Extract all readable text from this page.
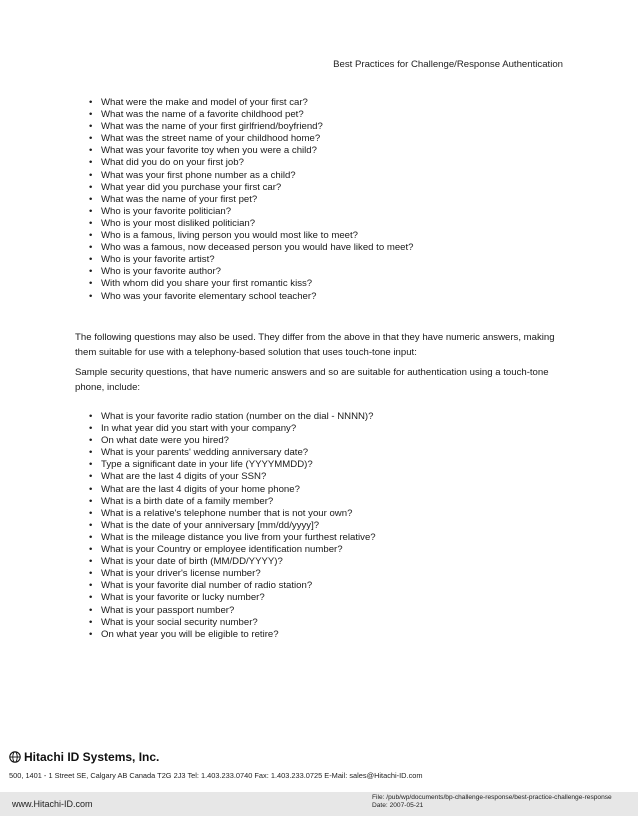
Best Practices for Challenge/Response Authentication
• What were the make and model of your first car?
• What was the name of a favorite childhood pet?
• What was the name of your first girlfriend/boyfriend?
• What was the street name of your childhood home?
• What was your favorite toy when you were a child?
• What did you do on your first job?
• What was your first phone number as a child?
• What year did you purchase your first car?
• What was the name of your first pet?
• Who is your favorite politician?
• Who is your most disliked politician?
• Who is a famous, living person you would most like to meet?
• Who was a famous, now deceased person you would have liked to meet?
• Who is your favorite artist?
• Who is your favorite author?
• With whom did you share your first romantic kiss?
• Who was your favorite elementary school teacher?

The following questions may also be used. They differ from the above in that they have numeric answers, making them suitable for use with a telephony-based solution that uses touch-tone input:

Sample security questions, that have numeric answers and so are suitable for authentication using a touch-tone phone, include:

• What is your favorite radio station (number on the dial - NNNN)?
• In what year did you start with your company?
• On what date were you hired?
• What is your parents' wedding anniversary date?
• Type a significant date in your life (YYYYMMDD)?
• What are the last 4 digits of your SSN?
• What are the last 4 digits of your home phone?
• What is a birth date of a family member?
• What is a relative's telephone number that is not your own?
• What is the date of your anniversary [mm/dd/yyyy]?
• What is the mileage distance you live from your furthest relative?
• What is your Country or employee identification number?
• What is your date of birth (MM/DD/YYYY)?
• What is your driver's license number?
• What is your favorite dial number of radio station?
• What is your favorite or lucky number?
• What is your passport number?
• What is your social security number?
• On what year you will be eligible to retire?
Hitachi ID Systems, Inc.
500, 1401 - 1 Street SE, Calgary AB Canada T2G 2J3 Tel: 1.403.233.0740 Fax: 1.403.233.0725 E-Mail: sales@Hitachi-ID.com
www.Hitachi-ID.com
File: /pub/wp/documents/bp-challenge-response/best-practice-challenge-response
Date: 2007-05-21
